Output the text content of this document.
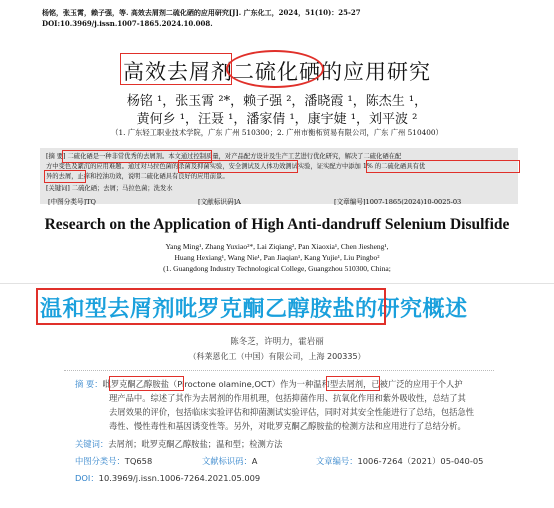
杨铭，张玉霄，赖子强，等. 高效去屑剂二硫化硒的应用研究[J]. 广东化工，2024，51(10)：25-27
DOI:10.3969/j.issn.1007-1865.2024.10.008.
高效去屑剂二硫化硒的应用研究
杨铭 ¹，张玉霄 ²*，赖子强 ²，潘晓霞 ¹，陈杰生 ¹，
黄何乡 ¹，汪聂 ¹，潘家倩 ¹，康宇婕 ¹，刘平波 ²
（1. 广东轻工职业技术学院，广东 广州 510300；2. 广州市衡柘贸易有限公司，广东 广州 510400）
[摘 要] 二硫化硒是一种非常优秀的去屑剂。本文通过控制质量，对产品配方设计及生产工艺进行优化研究，解决了二硫化硒在配
方中变色及絮沉的应用难题。通过对马拉色菌的杀菌及抑菌实验，安全测试及人体功效测试实验，证实配方中添加 1% 的二硫化硒具有优
异的去屑，止痒和控油功效，说明二硫化硒具有良好的应用前景。
[关键词] 二硫化硒；去屑；马拉色菌；洗发水
[中图分类号]TQ	[文献标识码]A	[文章编号]1007-1865(2024)10-0025-03
Research on the Application of High Anti-dandruff Selenium Disulfide
Yang Ming¹, Zhang Yuxiao²*, Lai Ziqiang², Pan Xiaoxia¹, Chen Jiesheng¹,
Huang Hexiang¹, Wang Nie¹, Pan Jiaqian¹, Kang Yujie¹, Liu Pingbo²
(1. Guangdong Industry Technological College, Guangzhou 510300, China;
温和型去屑剂吡罗克酮乙醇胺盐的研究概述
陈冬芝，许明力，霍岩丽
（科莱恩化工（中国）有限公司，上海 200335）
摘 要：吡罗克酮乙醇胺盐（Piroctone olamine,OCT）作为一种温和型去屑剂，已被广泛的应用于个人护
理产品中。综述了其作为去屑剂的作用机理，包括抑菌作用、抗氧化作用和紫外吸收性，总结了其
去屑效果的评价，包括临床实验评估和抑菌测试实验评估，同时对其安全性能进行了总结，包括急性
毒性、慢性毒性和基因诱变性等。另外，对吡罗克酮乙醇胺盐的检测方法和应用进行了总结分析。
关键词：去屑剂；吡罗克酮乙醇胺盐；温和型；检测方法
中图分类号：TQ658	文献标识码：A	文章编号：1006-7264（2021）05-040-05
DOI：10.3969/j.issn.1006-7264.2021.05.009
